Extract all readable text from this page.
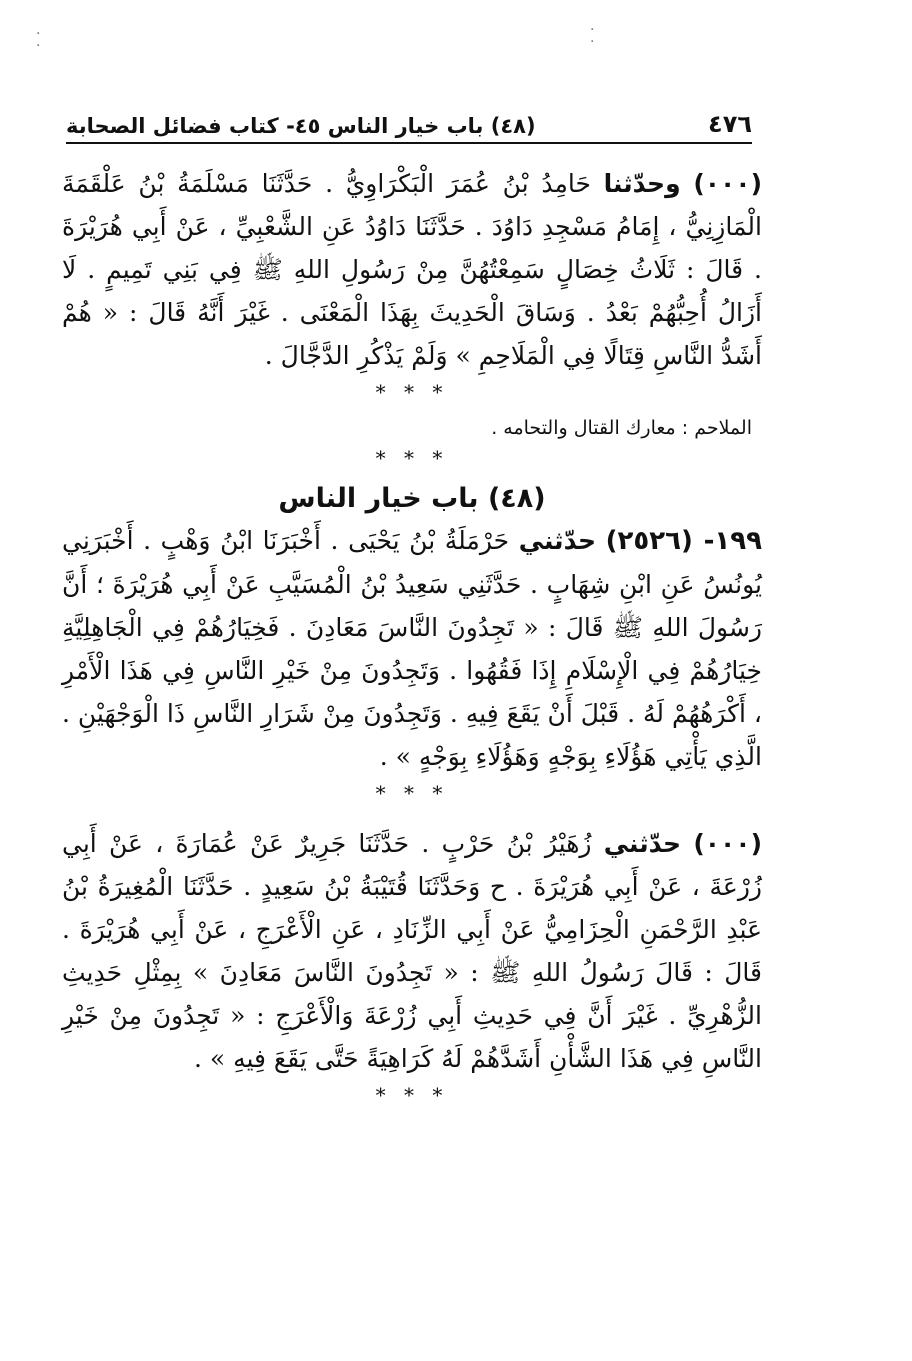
·
·
·
·
٤٧٦
(٤٨) باب خيار الناس ٤٥- كتاب فضائل الصحابة

(٠٠٠) وحدّثنا حَامِدُ بْنُ عُمَرَ الْبَكْرَاوِيُّ . حَدَّثَنَا مَسْلَمَةُ بْنُ عَلْقَمَةَ الْمَازِنِيُّ ، إِمَامُ مَسْجِدِ دَاوُدَ . حَدَّثَنَا دَاوُدُ عَنِ الشَّعْبِيِّ ، عَنْ أَبِي هُرَيْرَةَ . قَالَ : ثَلَاثُ خِصَالٍ سَمِعْتُهُنَّ مِنْ رَسُولِ اللهِ ﷺ فِي بَنِي تَمِيمٍ . لَا أَزَالُ أُحِبُّهُمْ بَعْدُ . وَسَاقَ الْحَدِيثَ بِهَذَا الْمَعْنَى . غَيْرَ أَنَّهُ قَالَ : « هُمْ أَشَدُّ النَّاسِ قِتَالًا فِي الْمَلَاحِمِ » وَلَمْ يَذْكُرِ الدَّجَّالَ .

* * *

الملاحم : معارك القتال والتحامه .

* * *
(٤٨) باب خيار الناس

١٩٩- (٢٥٢٦) حدّثني حَرْمَلَةُ بْنُ يَحْيَى . أَخْبَرَنَا ابْنُ وَهْبٍ . أَخْبَرَنِي يُونُسُ عَنِ ابْنِ شِهَابٍ . حَدَّثَنِي سَعِيدُ بْنُ الْمُسَيَّبِ عَنْ أَبِي هُرَيْرَةَ ؛ أَنَّ رَسُولَ اللهِ ﷺ قَالَ : « تَجِدُونَ النَّاسَ مَعَادِنَ . فَخِيَارُهُمْ فِي الْجَاهِلِيَّةِ خِيَارُهُمْ فِي الْإِسْلَامِ إِذَا فَقُهُوا . وَتَجِدُونَ مِنْ خَيْرِ النَّاسِ فِي هَذَا الْأَمْرِ ، أَكْرَهُهُمْ لَهُ . قَبْلَ أَنْ يَقَعَ فِيهِ . وَتَجِدُونَ مِنْ شَرَارِ النَّاسِ ذَا الْوَجْهَيْنِ . الَّذِي يَأْتِي هَؤُلَاءِ بِوَجْهٍ وَهَؤُلَاءِ بِوَجْهٍ » .

* * *

(٠٠٠) حدّثني زُهَيْرُ بْنُ حَرْبٍ . حَدَّثَنَا جَرِيرٌ عَنْ عُمَارَةَ ، عَنْ أَبِي زُرْعَةَ ، عَنْ أَبِي هُرَيْرَةَ . ح وَحَدَّثَنَا قُتَيْبَةُ بْنُ سَعِيدٍ . حَدَّثَنَا الْمُغِيرَةُ بْنُ عَبْدِ الرَّحْمَنِ الْحِزَامِيُّ عَنْ أَبِي الزِّنَادِ ، عَنِ الْأَعْرَجِ ، عَنْ أَبِي هُرَيْرَةَ . قَالَ : قَالَ رَسُولُ اللهِ ﷺ : « تَجِدُونَ النَّاسَ مَعَادِنَ » بِمِثْلِ حَدِيثِ الزُّهْرِيِّ . غَيْرَ أَنَّ فِي حَدِيثِ أَبِي زُرْعَةَ وَالْأَعْرَجِ : « تَجِدُونَ مِنْ خَيْرِ النَّاسِ فِي هَذَا الشَّأْنِ أَشَدَّهُمْ لَهُ كَرَاهِيَةً حَتَّى يَقَعَ فِيهِ » .

* * *
